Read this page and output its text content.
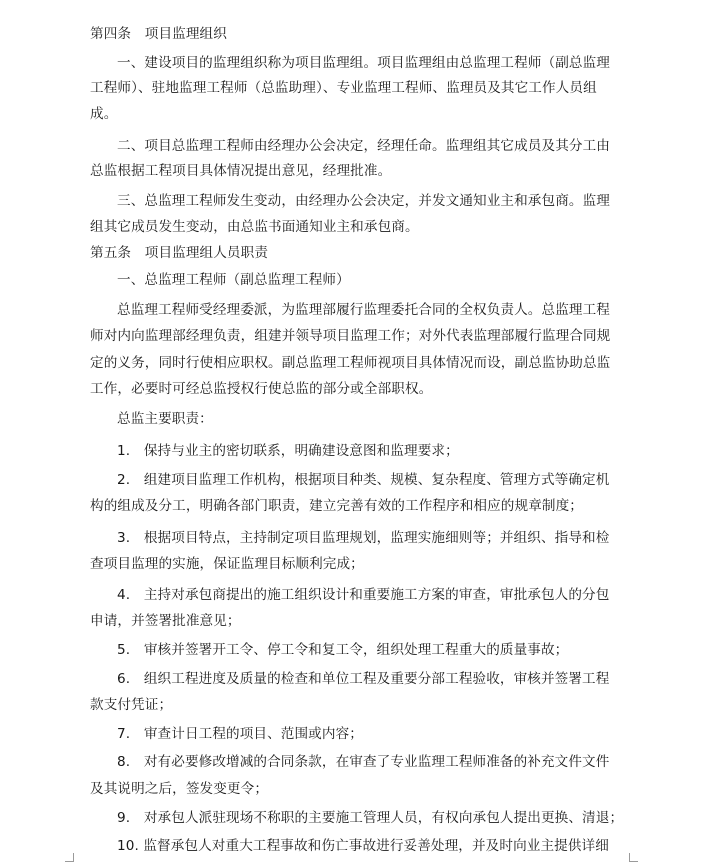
第四条　项目监理组织
一、建设项目的监理组织称为项目监理组。项目监理组由总监理工程师（副总监理
工程师）、驻地监理工程师（总监助理）、专业监理工程师、监理员及其它工作人员组
成。
二、项目总监理工程师由经理办公会决定，经理任命。监理组其它成员及其分工由
总监根据工程项目具体情况提出意见，经理批准。
三、总监理工程师发生变动，由经理办公会决定，并发文通知业主和承包商。监理
组其它成员发生变动，由总监书面通知业主和承包商。
第五条　项目监理组人员职责
一、总监理工程师（副总监理工程师）
总监理工程师受经理委派，为监理部履行监理委托合同的全权负责人。总监理工程
师对内向监理部经理负责，组建并领导项目监理工作；对外代表监理部履行监理合同规
定的义务，同时行使相应职权。副总监理工程师视项目具体情况而设，副总监协助总监
工作，必要时可经总监授权行使总监的部分或全部职权。
总监主要职责：
1.　保持与业主的密切联系，明确建设意图和监理要求；
2.　组建项目监理工作机构，根据项目种类、规模、复杂程度、管理方式等确定机
构的组成及分工，明确各部门职责，建立完善有效的工作程序和相应的规章制度；
3.　根据项目特点，主持制定项目监理规划，监理实施细则等；并组织、指导和检
查项目监理的实施，保证监理目标顺利完成；
4.　主持对承包商提出的施工组织设计和重要施工方案的审查，审批承包人的分包
申请，并签署批准意见；
5.　审核并签署开工令、停工令和复工令，组织处理工程重大的质量事故；
6.　组织工程进度及质量的检查和单位工程及重要分部工程验收，审核并签署工程
款支付凭证；
7.　审查计日工程的项目、范围或内容；
8.　对有必要修改增减的合同条款，在审查了专业监理工程师准备的补充文件文件
及其说明之后，签发变更令；
9.　对承包人派驻现场不称职的主要施工管理人员，有权向承包人提出更换、清退；
10. 监督承包人对重大工程事故和伤亡事故进行妥善处理，并及时向业主提供详细
